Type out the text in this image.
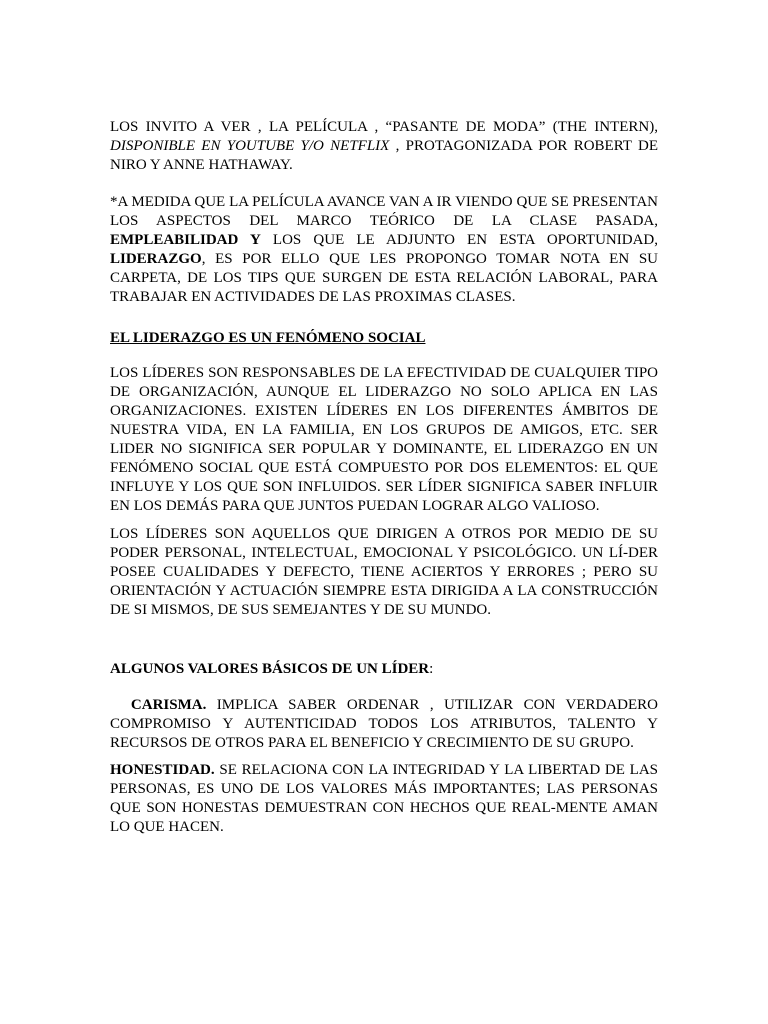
LOS INVITO A VER , LA PELÍCULA , “PASANTE DE MODA” (THE INTERN), DISPONIBLE EN YOUTUBE Y/O NETFLIX , PROTAGONIZADA POR ROBERT DE NIRO Y ANNE HATHAWAY.

*A MEDIDA QUE LA PELÍCULA AVANCE VAN A IR VIENDO QUE SE PRESENTAN LOS ASPECTOS DEL MARCO TEÓRICO DE LA CLASE PASADA, EMPLEABILIDAD Y LOS QUE LE ADJUNTO EN ESTA OPORTUNIDAD, LIDERAZGO, ES POR ELLO QUE LES PROPONGO TOMAR NOTA EN SU CARPETA, DE LOS TIPS QUE SURGEN DE ESTA RELACIÓN LABORAL, PARA TRABAJAR EN ACTIVIDADES DE LAS PROXIMAS CLASES.

EL LIDERAZGO ES UN FENÓMENO SOCIAL

LOS LÍDERES SON RESPONSABLES DE LA EFECTIVIDAD DE CUALQUIER TIPO DE ORGANIZACIÓN, AUNQUE EL LIDERAZGO NO SOLO APLICA EN LAS ORGANIZACIONES. EXISTEN LÍDERES EN LOS DIFERENTES ÁMBITOS DE NUESTRA VIDA, EN LA FAMILIA, EN LOS GRUPOS DE AMIGOS, ETC. SER LIDER NO SIGNIFICA SER POPULAR Y DOMINANTE, EL LIDERAZGO EN UN FENÓMENO SOCIAL QUE ESTÁ COMPUESTO POR DOS ELEMENTOS: EL QUE INFLUYE Y LOS QUE SON INFLUIDOS. SER LÍDER SIGNIFICA SABER INFLUIR EN LOS DEMÁS PARA QUE JUNTOS PUEDAN LOGRAR ALGO VALIOSO.

LOS LÍDERES SON AQUELLOS QUE DIRIGEN A OTROS POR MEDIO DE SU PODER PERSONAL, INTELECTUAL, EMOCIONAL Y PSICOLÓGICO. UN LÍ-DER POSEE CUALIDADES Y DEFECTO, TIENE ACIERTOS Y ERRORES ; PERO SU ORIENTACIÓN Y ACTUACIÓN SIEMPRE ESTA DIRIGIDA A LA CONSTRUCCIÓN DE SI MISMOS, DE SUS SEMEJANTES Y DE SU MUNDO.

ALGUNOS VALORES BÁSICOS DE UN LÍDER:

CARISMA. IMPLICA SABER ORDENAR , UTILIZAR CON VERDADERO COMPROMISO Y AUTENTICIDAD TODOS LOS ATRIBUTOS, TALENTO Y RECURSOS DE OTROS PARA EL BENEFICIO Y CRECIMIENTO DE SU GRUPO.

HONESTIDAD. SE RELACIONA CON LA INTEGRIDAD Y LA LIBERTAD DE LAS PERSONAS, ES UNO DE LOS VALORES MÁS IMPORTANTES; LAS PERSONAS QUE SON HONESTAS DEMUESTRAN CON HECHOS QUE REAL-MENTE AMAN LO QUE HACEN.
